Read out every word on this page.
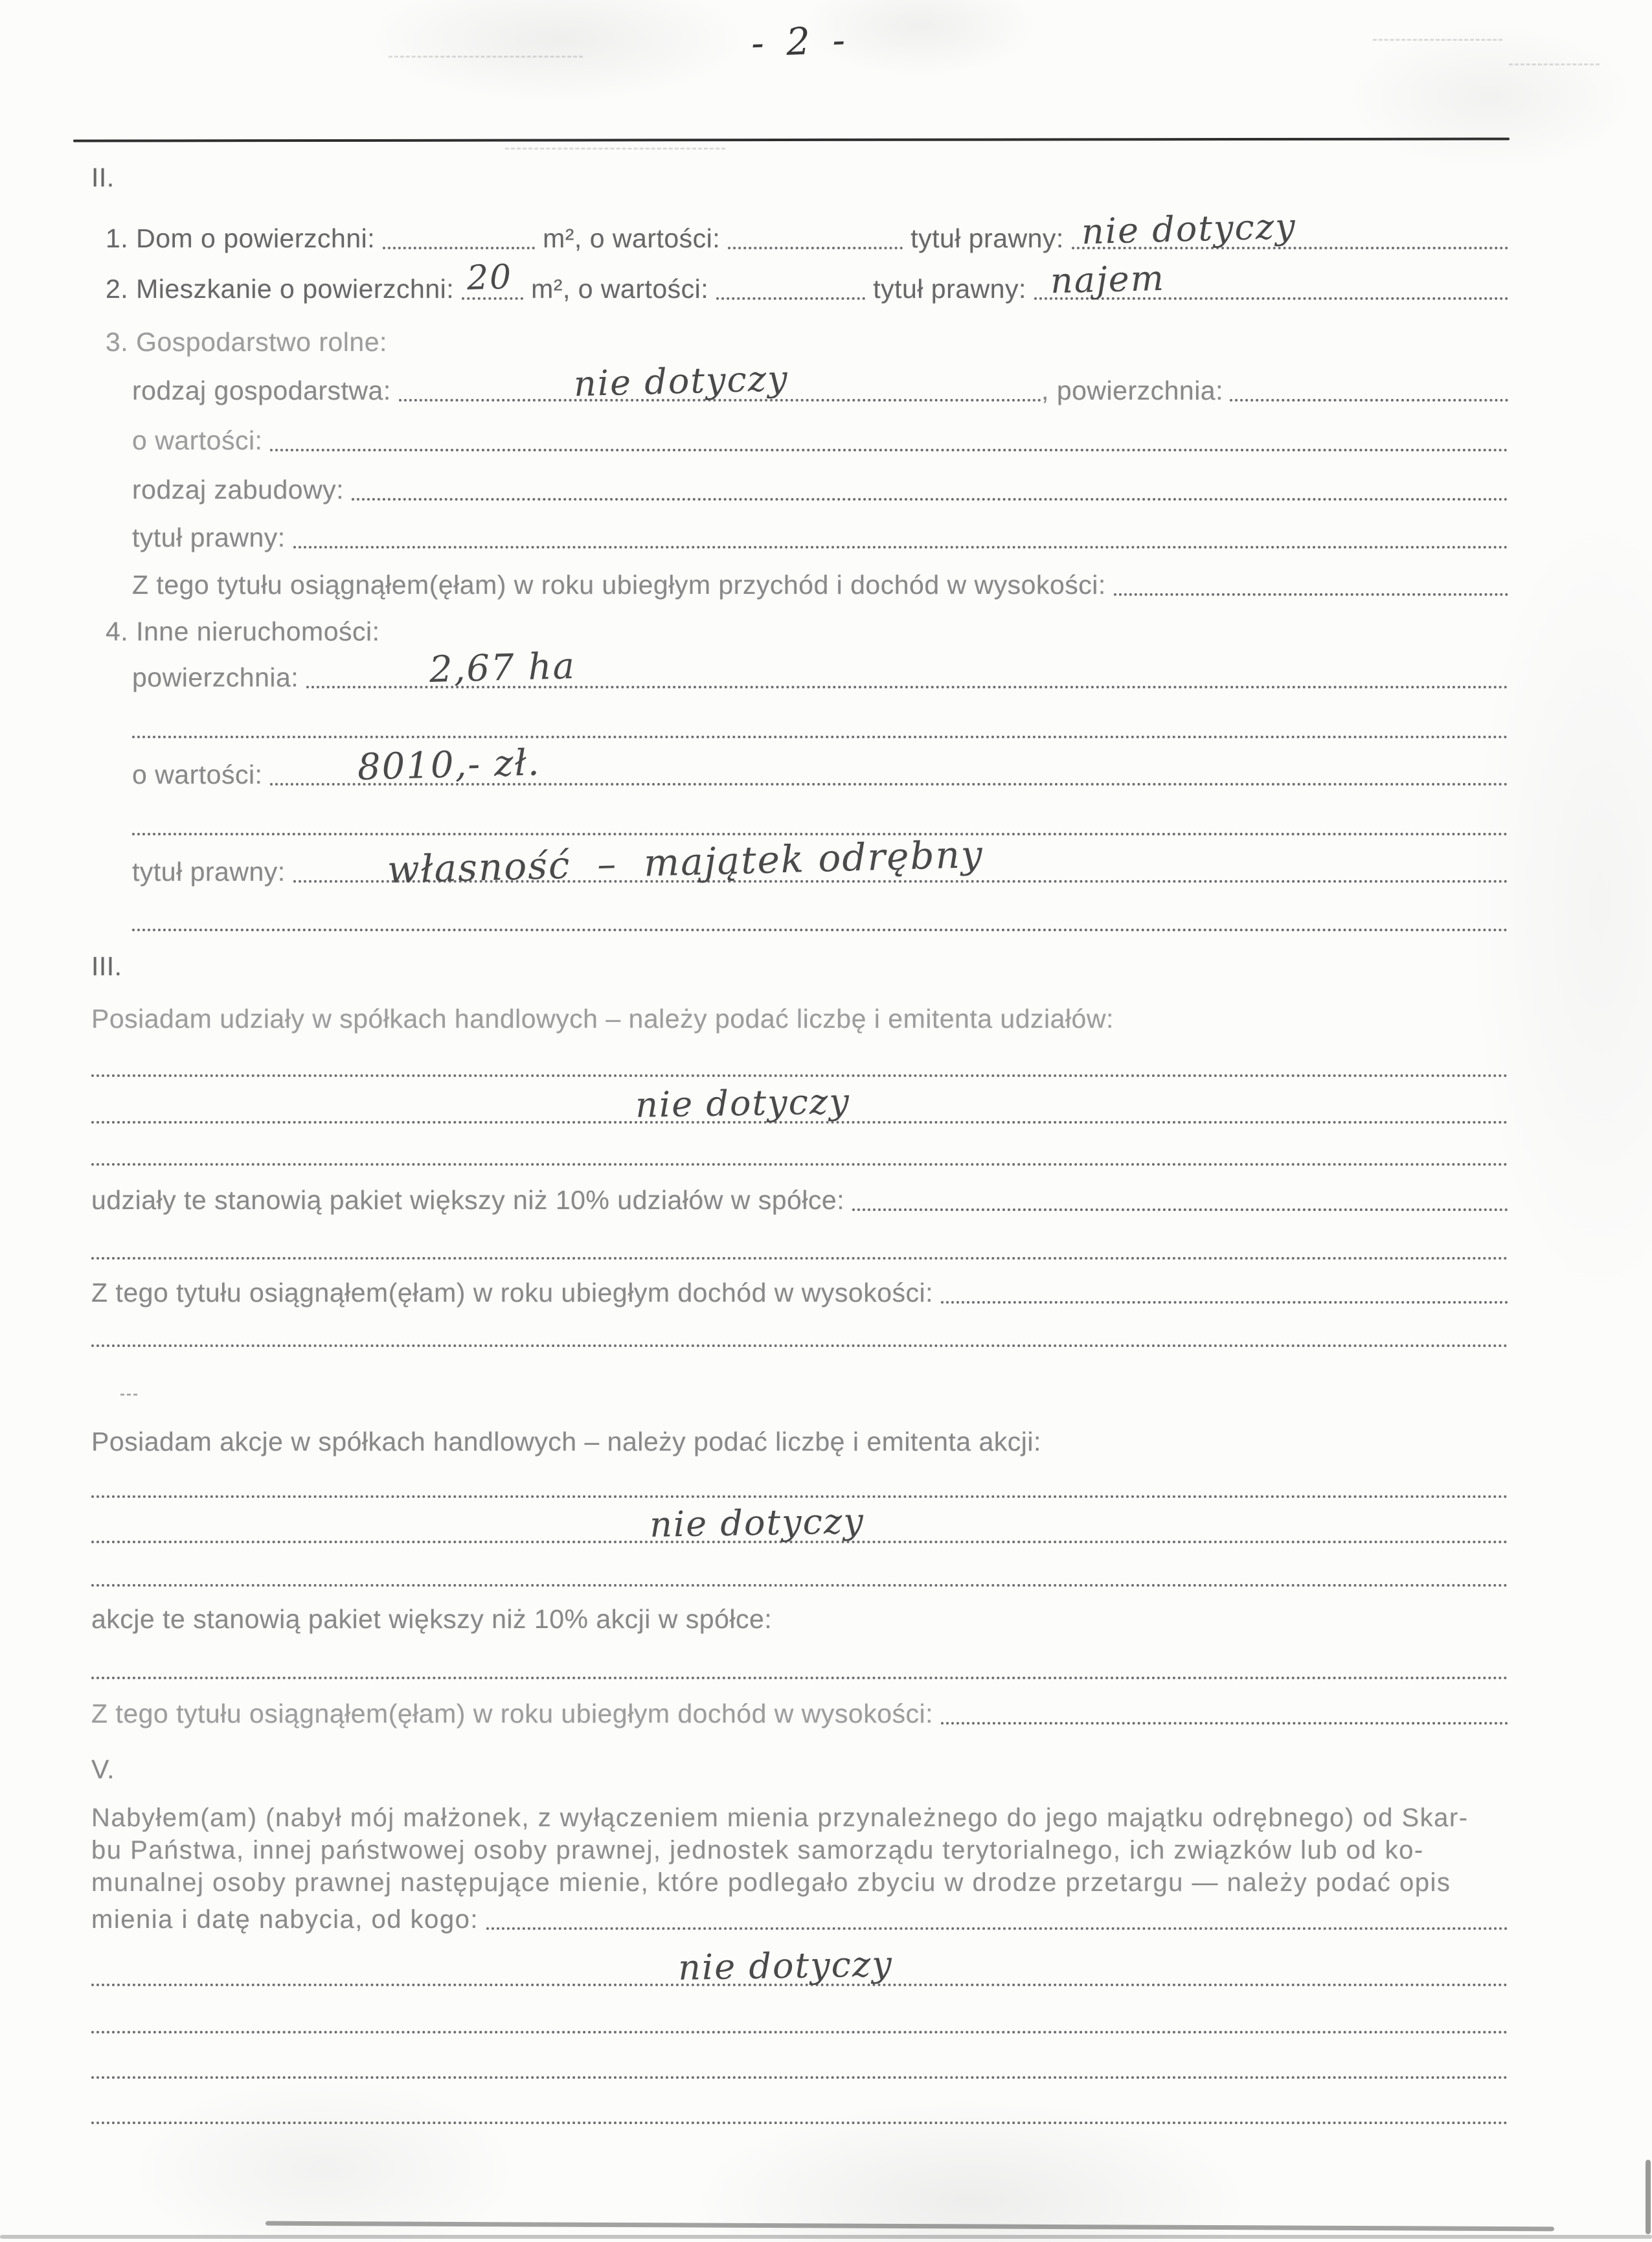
- 2 -
II.
1. Dom o powierzchni:	m², o wartości:	tytuł prawny: nie dotyczy
2. Mieszkanie o powierzchni: 20 m², o wartości:	tytuł prawny: najem
3. Gospodarstwo rolne:
rodzaj gospodarstwa:	nie dotyczy	, powierzchnia:
o wartości:
rodzaj zabudowy:
tytuł prawny:
Z tego tytułu osiągnąłem(ęłam) w roku ubiegłym przychód i dochód w wysokości:
4. Inne nieruchomości:
powierzchnia:	2,67 ha
o wartości:	8010,- zł.
tytuł prawny:	własność  –  majątek odrębny
III.
Posiadam udziały w spółkach handlowych – należy podać liczbę i emitenta udziałów:
nie dotyczy
udziały te stanowią pakiet większy niż 10% udziałów w spółce:
Z tego tytułu osiągnąłem(ęłam) w roku ubiegłym dochód w wysokości:
Posiadam akcje w spółkach handlowych – należy podać liczbę i emitenta akcji:
nie dotyczy
akcje te stanowią pakiet większy niż 10% akcji w spółce:
Z tego tytułu osiągnąłem(ęłam) w roku ubiegłym dochód w wysokości:
V.
Nabyłem(am) (nabył mój małżonek, z wyłączeniem mienia przynależnego do jego majątku odrębnego) od Skar-
bu Państwa, innej państwowej osoby prawnej, jednostek samorządu terytorialnego, ich związków lub od ko-
munalnej osoby prawnej następujące mienie, które podlegało zbyciu w drodze przetargu — należy podać opis
mienia i datę nabycia, od kogo:
nie dotyczy
